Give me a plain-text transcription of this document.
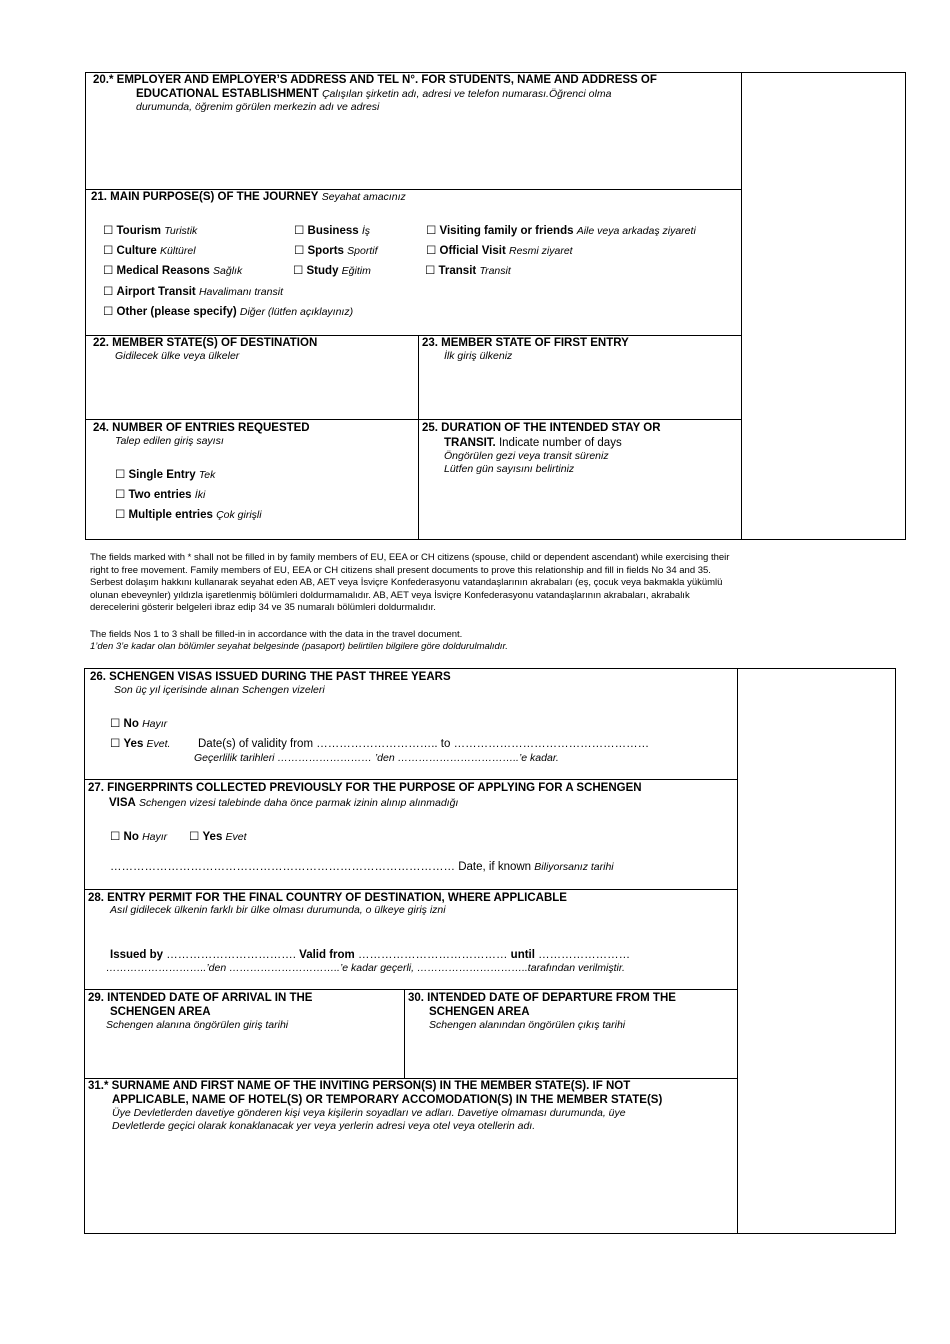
20.* EMPLOYER AND EMPLOYER’S ADDRESS AND TEL N°. FOR STUDENTS, NAME AND ADDRESS OF
EDUCATIONAL ESTABLISHMENT Çalışılan şirketin adı, adresi ve telefon numarası.Öğrenci olma
durumunda, öğrenim görülen merkezin adı ve adresi
21. MAIN PURPOSE(S) OF THE JOURNEY Seyahat amacınız
☐ Tourism Turistik	☐ Business İş	☐ Visiting family or friends Aile veya arkadaş ziyareti
☐ Culture Kültürel	☐ Sports Sportif	☐ Official Visit Resmi ziyaret
☐ Medical Reasons Sağlık	☐ Study Eğitim	☐ Transit Transit
☐ Airport Transit Havalimanı transit
☐ Other (please specify) Diğer (lütfen açıklayınız)
22. MEMBER STATE(S) OF DESTINATION
Gidilecek ülke veya ülkeler
23. MEMBER STATE OF FIRST ENTRY
İlk giriş ülkeniz
24. NUMBER OF ENTRIES REQUESTED
Talep edilen giriş sayısı
☐ Single Entry Tek
☐ Two entries İki
☐ Multiple entries Çok girişli
25. DURATION OF THE INTENDED STAY OR
TRANSIT. Indicate number of days
Öngörülen gezi veya transit süreniz
Lütfen gün sayısını belirtiniz
The fields marked with * shall not be filled in by family members of EU, EEA or CH citizens (spouse, child or dependent ascendant) while exercising their
right to free movement. Family members of EU, EEA or CH citizens shall present documents to prove this relationship and fill in fields No 34 and 35.
Serbest dolaşım hakkını kullanarak seyahat eden AB, AET veya İsviçre Konfederasyonu vatandaşlarının akrabaları (eş, çocuk veya bakmakla yükümlü
olunan ebeveynler) yıldızla işaretlenmiş bölümleri doldurmamalıdır. AB, AET veya İsviçre Konfederasyonu vatandaşlarının akrabaları, akrabalık
derecelerini gösterir belgeleri ibraz edip 34 ve 35 numaralı bölümleri doldurmalıdır.
The fields Nos 1 to 3 shall be filled-in in accordance with the data in the travel document.
1’den 3’e kadar olan bölümler seyahat belgesinde (pasaport) belirtilen bilgilere göre doldurulmalıdır.
26. SCHENGEN VISAS ISSUED DURING THE PAST THREE YEARS
Son üç yıl içerisinde alınan Schengen vizeleri
☐ No Hayır
☐ Yes Evet. Date(s) of validity from ………………………….. to ……………………………………………
Geçerlilik tarihleri ……………………… ’den ……………………………..’e kadar.
27. FINGERPRINTS COLLECTED PREVIOUSLY FOR THE PURPOSE OF APPLYING FOR A SCHENGEN
VISA Schengen vizesi talebinde daha önce parmak izinin alınıp alınmadığı
☐ No Hayır ☐ Yes Evet
……………………………………………………………………………… Date, if known Biliyorsanız tarihi
28. ENTRY PERMIT FOR THE FINAL COUNTRY OF DESTINATION, WHERE APPLICABLE
Asıl gidilecek ülkenin farklı bir ülke olması durumunda, o ülkeye giriş izni
Issued by ……………………………. Valid from ………………………………… until ……………………
………………………..’den …………………………..’e kadar geçerli, …………………………..tarafından verilmiştir.
29. INTENDED DATE OF ARRIVAL IN THE
SCHENGEN AREA
Schengen alanına öngörülen giriş tarihi
30. INTENDED DATE OF DEPARTURE FROM THE
SCHENGEN AREA
Schengen alanından öngörülen çıkış tarihi
31.* SURNAME AND FIRST NAME OF THE INVITING PERSON(S) IN THE MEMBER STATE(S). IF NOT
APPLICABLE, NAME OF HOTEL(S) OR TEMPORARY ACCOMODATION(S) IN THE MEMBER STATE(S)
Üye Devletlerden davetiye gönderen kişi veya kişilerin soyadları ve adları. Davetiye olmaması durumunda, üye
Devletlerde geçici olarak konaklanacak yer veya yerlerin adresi veya otel veya otellerin adı.
